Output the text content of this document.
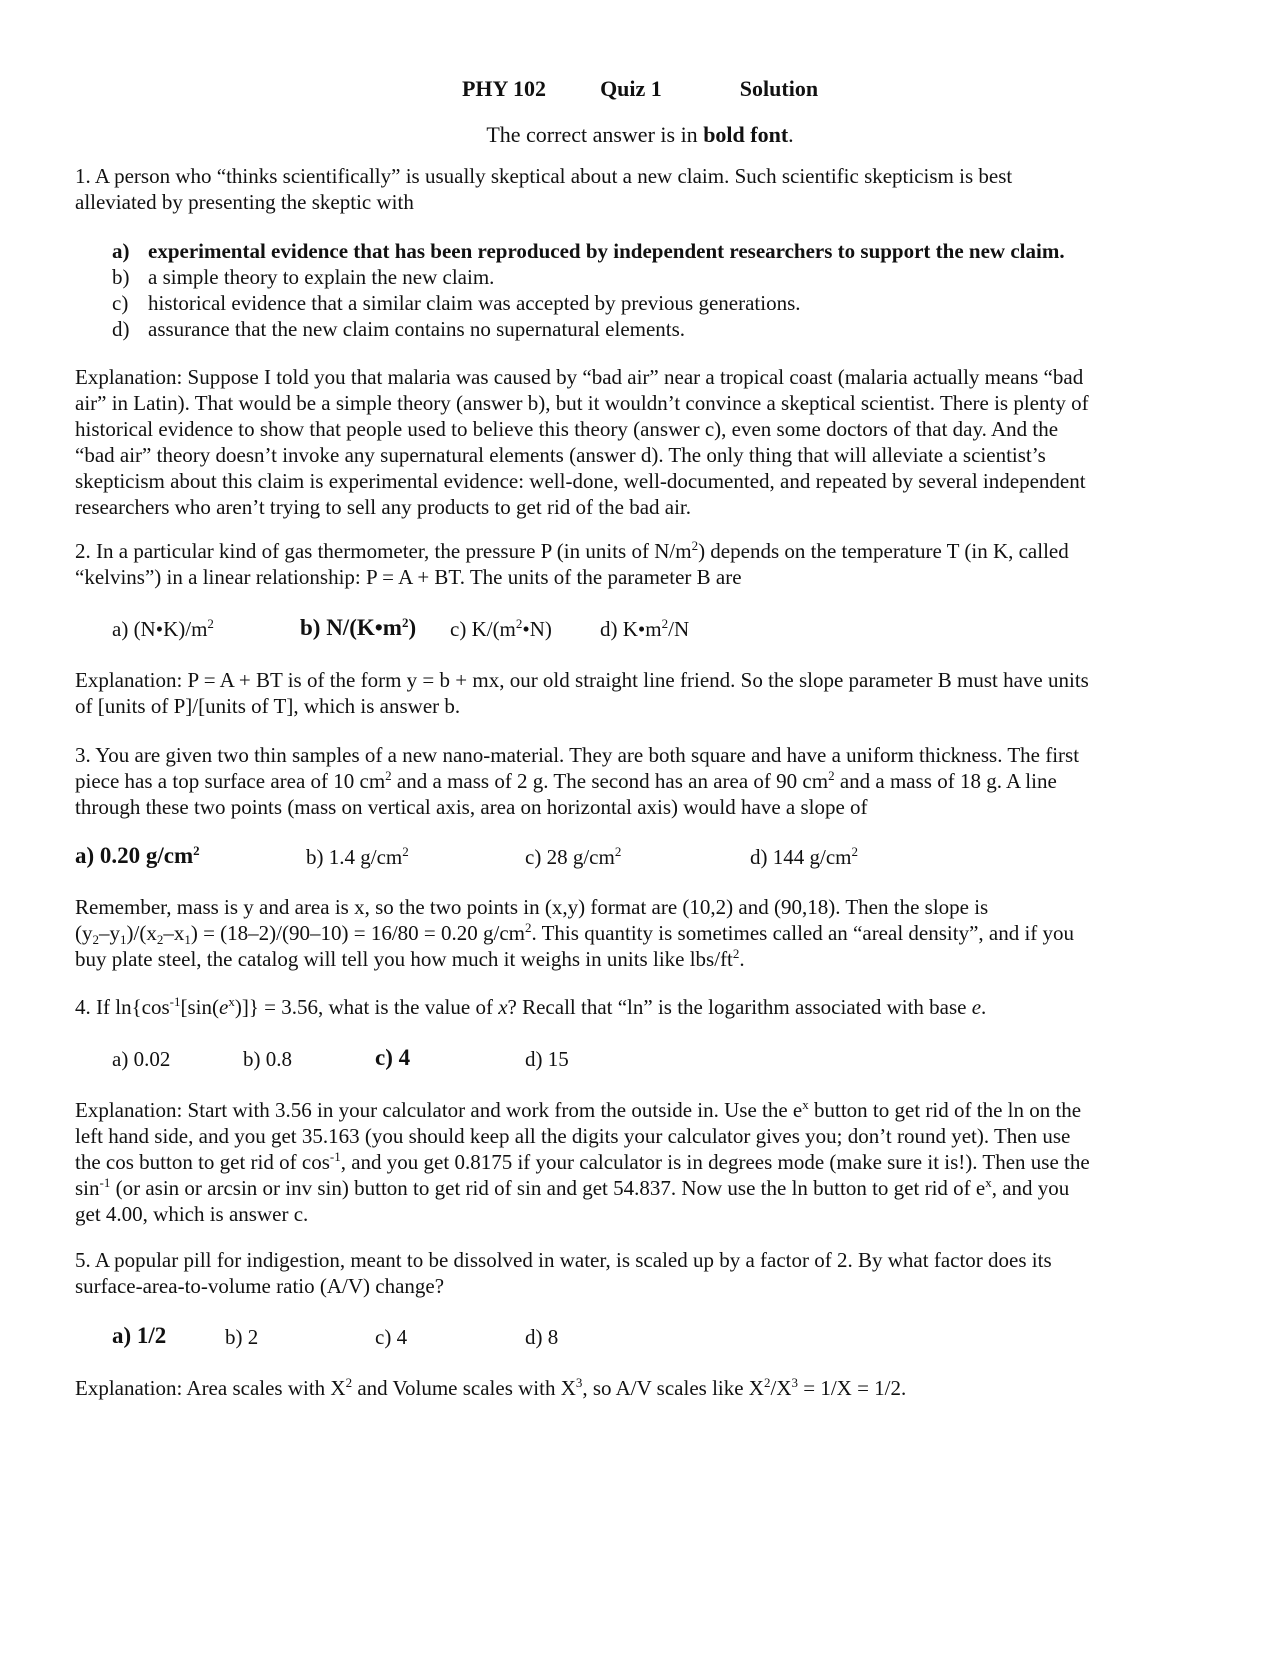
PHY 102 Quiz 1	Solution
The correct answer is in bold font.
1. A person who “thinks scientifically” is usually skeptical about a new claim. Such scientific skepticism is best
alleviated by presenting the skeptic with
a) experimental evidence that has been reproduced by independent researchers to support the new claim.
b) a simple theory to explain the new claim.
c) historical evidence that a similar claim was accepted by previous generations.
d) assurance that the new claim contains no supernatural elements.
Explanation: Suppose I told you that malaria was caused by “bad air” near a tropical coast (malaria actually means “bad
air” in Latin). That would be a simple theory (answer b), but it wouldn’t convince a skeptical scientist. There is plenty of
historical evidence to show that people used to believe this theory (answer c), even some doctors of that day. And the
“bad air” theory doesn’t invoke any supernatural elements (answer d). The only thing that will alleviate a scientist’s
skepticism about this claim is experimental evidence: well-done, well-documented, and repeated by several independent
researchers who aren’t trying to sell any products to get rid of the bad air.
2. In a particular kind of gas thermometer, the pressure P (in units of $N/m^2$) depends on the temperature T (in K, called
“kelvins”) in a linear relationship: P = A + BT. The units of the parameter B are
a) $(N•K)/m^2$	b) $N/(K•m^2)$ c) $K/(m^2•N)$ d) $K•m^2/N$
Explanation: P = A + BT is of the form y = b + mx, our old straight line friend. So the slope parameter B must have units
of [units of P]/[units of T], which is answer b.
3. You are given two thin samples of a new nano-material. They are both square and have a uniform thickness. The first
piece has a top surface area of 10 $cm^2$ and a mass of 2 g. The second has an area of 90 $cm^2$ and a mass of 18 g. A line
through these two points (mass on vertical axis, area on horizontal axis) would have a slope of
a) 0.20 $g/cm^2$	b) 1.4 $g/cm^2$	c) 28 $g/cm^2$	d) 144 $g/cm^2$
Remember, mass is y and area is x, so the two points in (x,y) format are (10,2) and (90,18). Then the slope is
$(y_2-y_1)/(x_2-x_1) = (18-2)/(90-10) = 16/80 = 0.20$ $g/cm^2$. This quantity is sometimes called an “areal density”, and if you
buy plate steel, the catalog will tell you how much it weighs in units like lbs/$ft^2$.
4. If $\ln\{\cos^{-1}[\sin(e^x)]\} = 3.56$, what is the value of x? Recall that “ln” is the logarithm associated with base e.
a) 0.02	b) 0.8	c) 4	d) 15
Explanation: Start with 3.56 in your calculator and work from the outside in. Use the $e^x$ button to get rid of the ln on the
left hand side, and you get 35.163 (you should keep all the digits your calculator gives you; don’t round yet). Then use
the cos button to get rid of $\cos^{-1}$, and you get 0.8175 if your calculator is in degrees mode (make sure it is!). Then use the
$\sin^{-1} (or$ asin or arcsin or inv sin) button to get rid of sin and get 54.837. Now use the ln button to get rid of $e^x$, and you
get 4.00, which is answer c.
5. A popular pill for indigestion, meant to be dissolved in water, is scaled up by a factor of 2. By what factor does its
surface-area-to-volume ratio (A/V) change?
a) 1/2	b) 2	c) 4	d) 8
Explanation: Area scales with $X^2$ and Volume scales with $X^3$, so A/V scales like $X^2/X^3 = 1/X = 1/2$.
